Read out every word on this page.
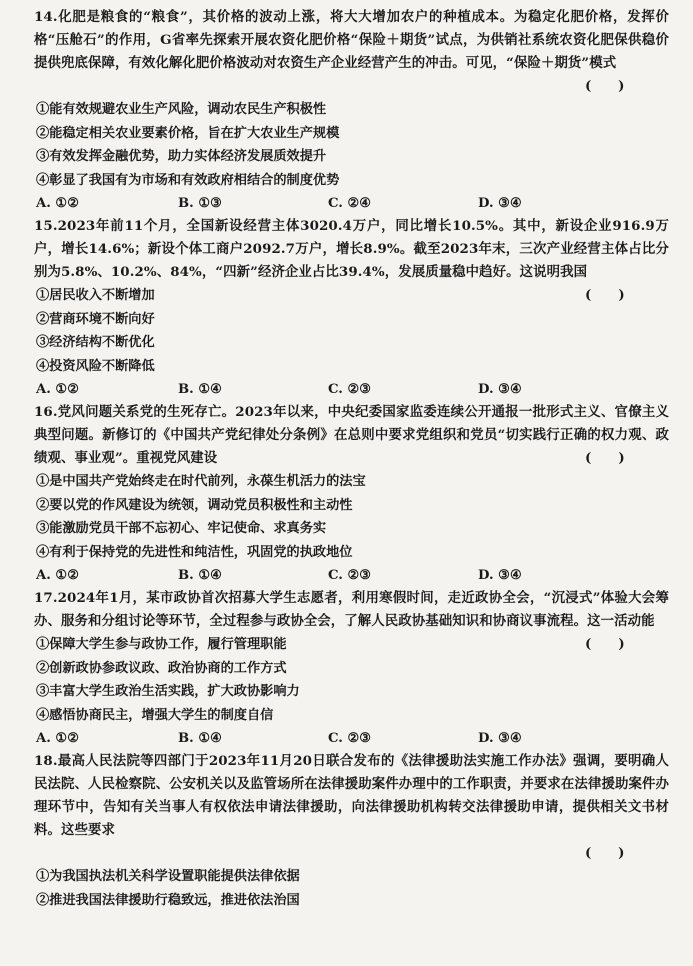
14.化肥是粮食的“粮食”，其价格的波动上涨，将大大增加农户的种植成本。为稳定化肥价格，发挥价格“压舱石”的作用，G省率先探索开展农资化肥价格“保险＋期货”试点，为供销社系统农资化肥保供稳价提供兜底保障，有效化解化肥价格波动对农资生产企业经营产生的冲击。可见，“保险＋期货”模式
(　　)

①能有效规避农业生产风险，调动农民生产积极性
②能稳定相关农业要素价格，旨在扩大农业生产规模
③有效发挥金融优势，助力实体经济发展质效提升
④彰显了我国有为市场和有效政府相结合的制度优势
A. ①②	B. ①③	C. ②④	D. ③④
15.2023年前11个月，全国新设经营主体3020.4万户，同比增长10.5%。其中，新设企业916.9万户，增长14.6%；新设个体工商户2092.7万户，增长8.9%。截至2023年末，三次产业经营主体占比分别为5.8%、10.2%、84%，“四新”经济企业占比39.4%，发展质量稳中趋好。这说明我国
(　　)
①居民收入不断增加
②营商环境不断向好
③经济结构不断优化
④投资风险不断降低
A. ①②	B. ①④	C. ②③	D. ③④
16.党风问题关系党的生死存亡。2023年以来，中央纪委国家监委连续公开通报一批形式主义、官僚主义典型问题。新修订的《中国共产党纪律处分条例》在总则中要求党组织和党员“切实践行正确的权力观、政绩观、事业观”。重视党风建设	(　　)
①是中国共产党始终走在时代前列，永葆生机活力的法宝
②要以党的作风建设为统领，调动党员积极性和主动性
③能激励党员干部不忘初心、牢记使命、求真务实
④有利于保持党的先进性和纯洁性，巩固党的执政地位
A. ①②	B. ①④	C. ②③	D. ③④
17.2024年1月，某市政协首次招募大学生志愿者，利用寒假时间，走近政协全会，“沉浸式”体验大会筹办、服务和分组讨论等环节，全过程参与政协全会，了解人民政协基础知识和协商议事流程。这一活动能
(　　)
①保障大学生参与政协工作，履行管理职能
②创新政协参政议政、政治协商的工作方式
③丰富大学生政治生活实践，扩大政协影响力
④感悟协商民主，增强大学生的制度自信
A. ①②	B. ①④	C. ②③	D. ③④
18.最高人民法院等四部门于2023年11月20日联合发布的《法律援助法实施工作办法》强调，要明确人民法院、人民检察院、公安机关以及监管场所在法律援助案件办理中的工作职责，并要求在法律援助案件办理环节中，告知有关当事人有权依法申请法律援助，向法律援助机构转交法律援助申请，提供相关文书材料。这些要求
(　　)

①为我国执法机关科学设置职能提供法律依据
②推进我国法律援助行稳致远，推进依法治国
